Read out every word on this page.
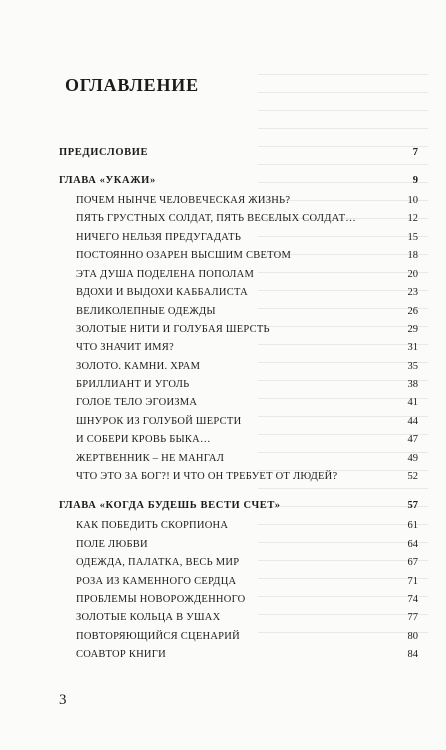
ОГЛАВЛЕНИЕ
ПРЕДИСЛОВИЕ	7
ГЛАВА «УКАЖИ»	9
ПОЧЕМ НЫНЧЕ ЧЕЛОВЕЧЕСКАЯ ЖИЗНЬ?	10
ПЯТЬ ГРУСТНЫХ СОЛДАТ, ПЯТЬ ВЕСЕЛЫХ СОЛДАТ…	12
НИЧЕГО НЕЛЬЗЯ ПРЕДУГАДАТЬ	15
ПОСТОЯННО ОЗАРЕН ВЫСШИМ СВЕТОМ	18
ЭТА ДУША ПОДЕЛЕНА ПОПОЛАМ	20
ВДОХИ И ВЫДОХИ КАББАЛИСТА	23
ВЕЛИКОЛЕПНЫЕ ОДЕЖДЫ	26
ЗОЛОТЫЕ НИТИ И ГОЛУБАЯ ШЕРСТЬ	29
ЧТО ЗНАЧИТ ИМЯ?	31
ЗОЛОТО. КАМНИ. ХРАМ	35
БРИЛЛИАНТ И УГОЛЬ	38
ГОЛОЕ ТЕЛО ЭГОИЗМА	41
ШНУРОК ИЗ ГОЛУБОЙ ШЕРСТИ	44
И СОБЕРИ КРОВЬ БЫКА…	47
ЖЕРТВЕННИК – НЕ МАНГАЛ	49
ЧТО ЭТО ЗА БОГ?! И ЧТО ОН ТРЕБУЕТ ОТ ЛЮДЕЙ?	52
ГЛАВА «КОГДА БУДЕШЬ ВЕСТИ СЧЕТ»	57
КАК ПОБЕДИТЬ СКОРПИОНА	61
ПОЛЕ ЛЮБВИ	64
ОДЕЖДА, ПАЛАТКА, ВЕСЬ МИР	67
РОЗА ИЗ КАМЕННОГО СЕРДЦА	71
ПРОБЛЕМЫ НОВОРОЖДЕННОГО	74
ЗОЛОТЫЕ КОЛЬЦА В УШАХ	77
ПОВТОРЯЮЩИЙСЯ СЦЕНАРИЙ	80
СОАВТОР КНИГИ	84
3
